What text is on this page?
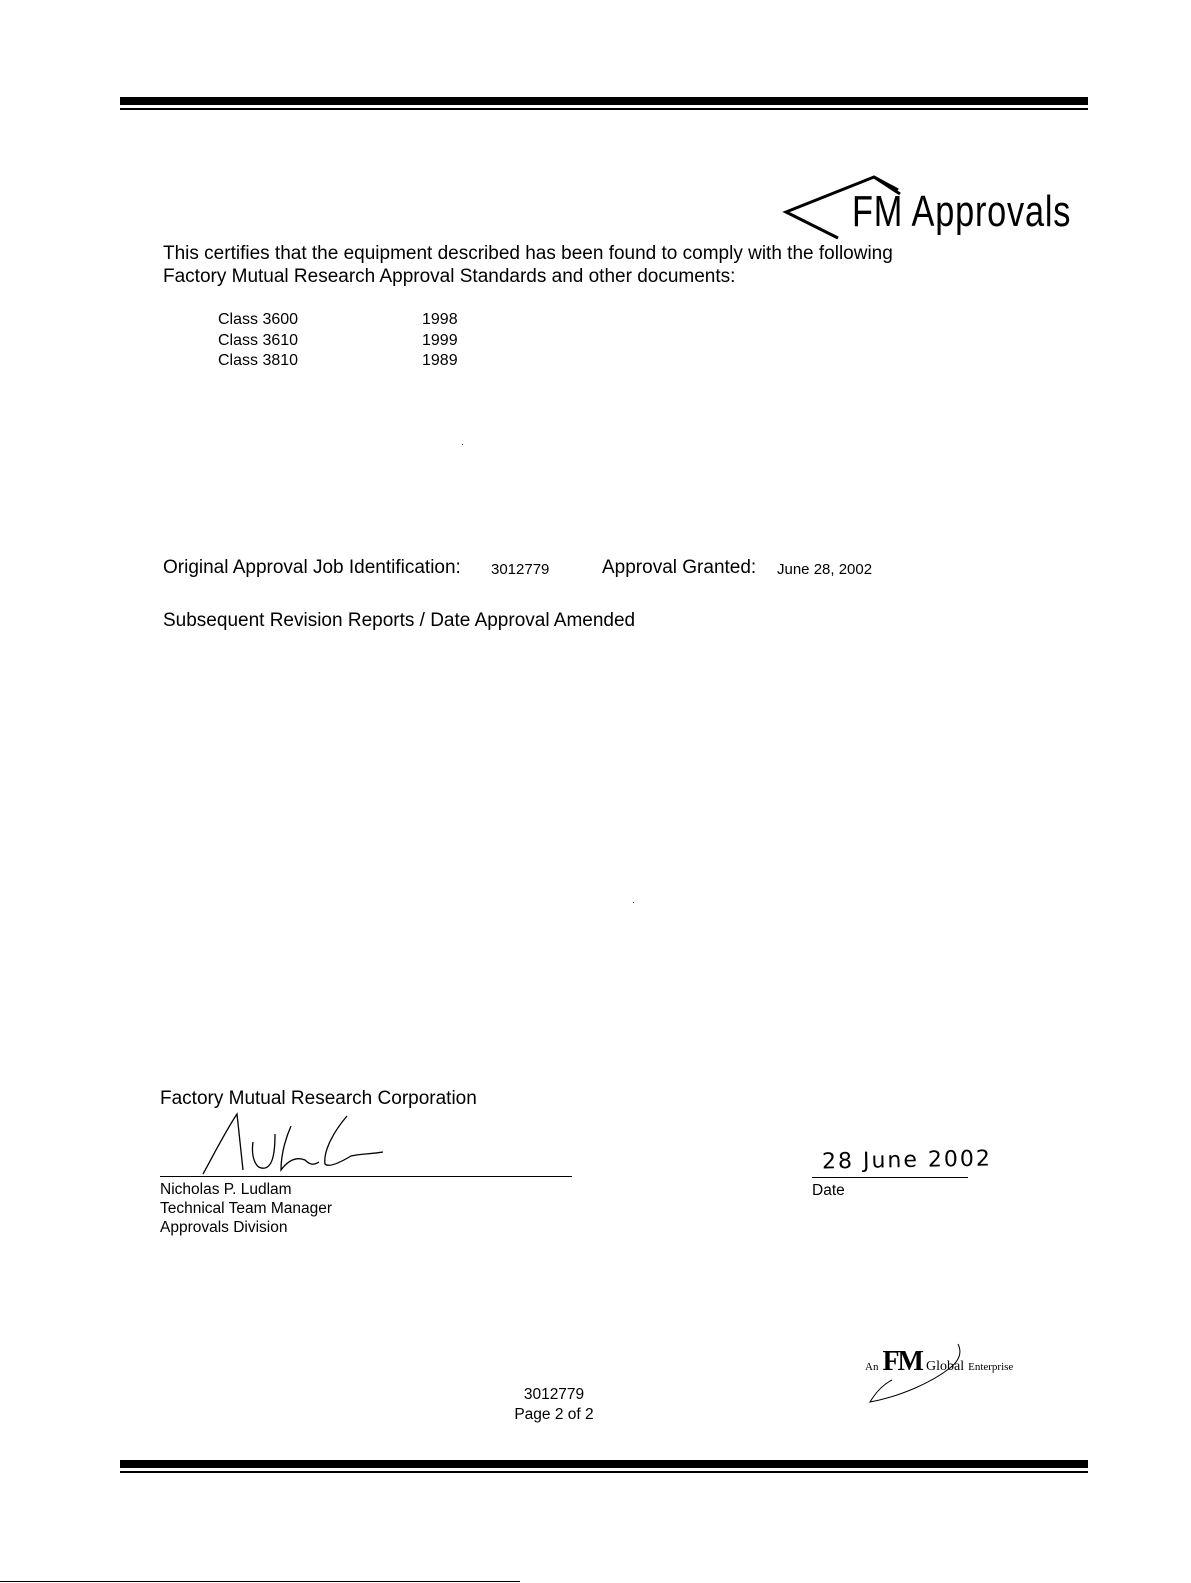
FM Approvals
This certifies that the equipment described has been found to comply with the following
Factory Mutual Research Approval Standards and other documents:
Class 3600	1998
Class 3610	1999
Class 3810	1989
Original Approval Job Identification: 3012779	Approval Granted: June 28, 2002
Subsequent Revision Reports / Date Approval Amended
Factory Mutual Research Corporation
Nicholas P. Ludlam
Technical Team Manager
Approvals Division
28 June 2002
Date
An FM Global Enterprise
3012779
Page 2 of 2
